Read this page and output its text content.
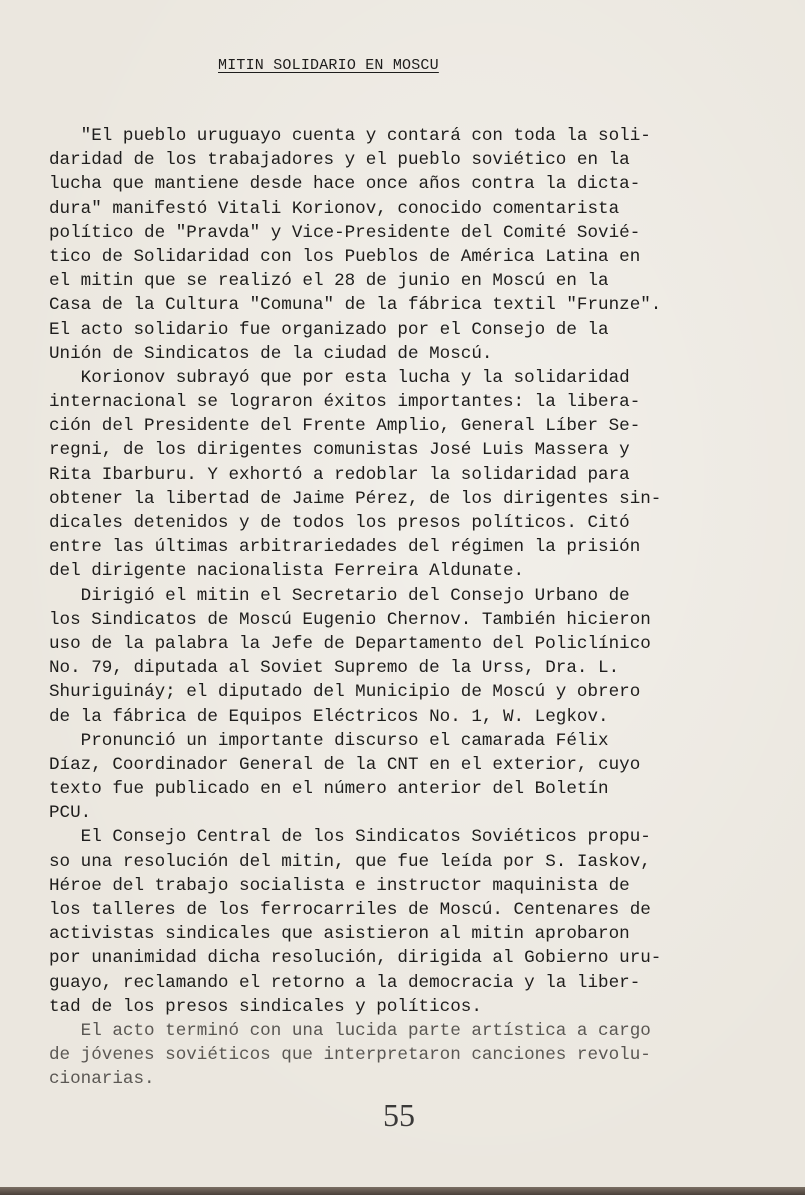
MITIN SOLIDARIO EN MOSCU
"El pueblo uruguayo cuenta y contará con toda la soli-
daridad de los trabajadores y el pueblo soviético en la
lucha que mantiene desde hace once años contra la dicta-
dura" manifestó Vitali Korionov, conocido comentarista
político de "Pravda" y Vice-Presidente del Comité Sovié-
tico de Solidaridad con los Pueblos de América Latina en
el mitin que se realizó el 28 de junio en Moscú en la
Casa de la Cultura "Comuna" de la fábrica textil "Frunze".
El acto solidario fue organizado por el Consejo de la
Unión de Sindicatos de la ciudad de Moscú.
Korionov subrayó que por esta lucha y la solidaridad
internacional se lograron éxitos importantes: la libera-
ción del Presidente del Frente Amplio, General Líber Se-
regni, de los dirigentes comunistas José Luis Massera y
Rita Ibarburu. Y exhortó a redoblar la solidaridad para
obtener la libertad de Jaime Pérez, de los dirigentes sin-
dicales detenidos y de todos los presos políticos. Citó
entre las últimas arbitrariedades del régimen la prisión
del dirigente nacionalista Ferreira Aldunate.
Dirigió el mitin el Secretario del Consejo Urbano de
los Sindicatos de Moscú Eugenio Chernov. También hicieron
uso de la palabra la Jefe de Departamento del Policlínico
No. 79, diputada al Soviet Supremo de la Urss, Dra. L.
Shuriguináy; el diputado del Municipio de Moscú y obrero
de la fábrica de Equipos Eléctricos No. 1, W. Legkov.
Pronunció un importante discurso el camarada Félix
Díaz, Coordinador General de la CNT en el exterior, cuyo
texto fue publicado en el número anterior del Boletín
PCU.
El Consejo Central de los Sindicatos Soviéticos propu-
so una resolución del mitin, que fue leída por S. Iaskov,
Héroe del trabajo socialista e instructor maquinista de
los talleres de los ferrocarriles de Moscú. Centenares de
activistas sindicales que asistieron al mitin aprobaron
por unanimidad dicha resolución, dirigida al Gobierno uru-
guayo, reclamando el retorno a la democracia y la liber-
tad de los presos sindicales y políticos.
El acto terminó con una lucida parte artística a cargo
de jóvenes soviéticos que interpretaron canciones revolu-
cionarias.
55
